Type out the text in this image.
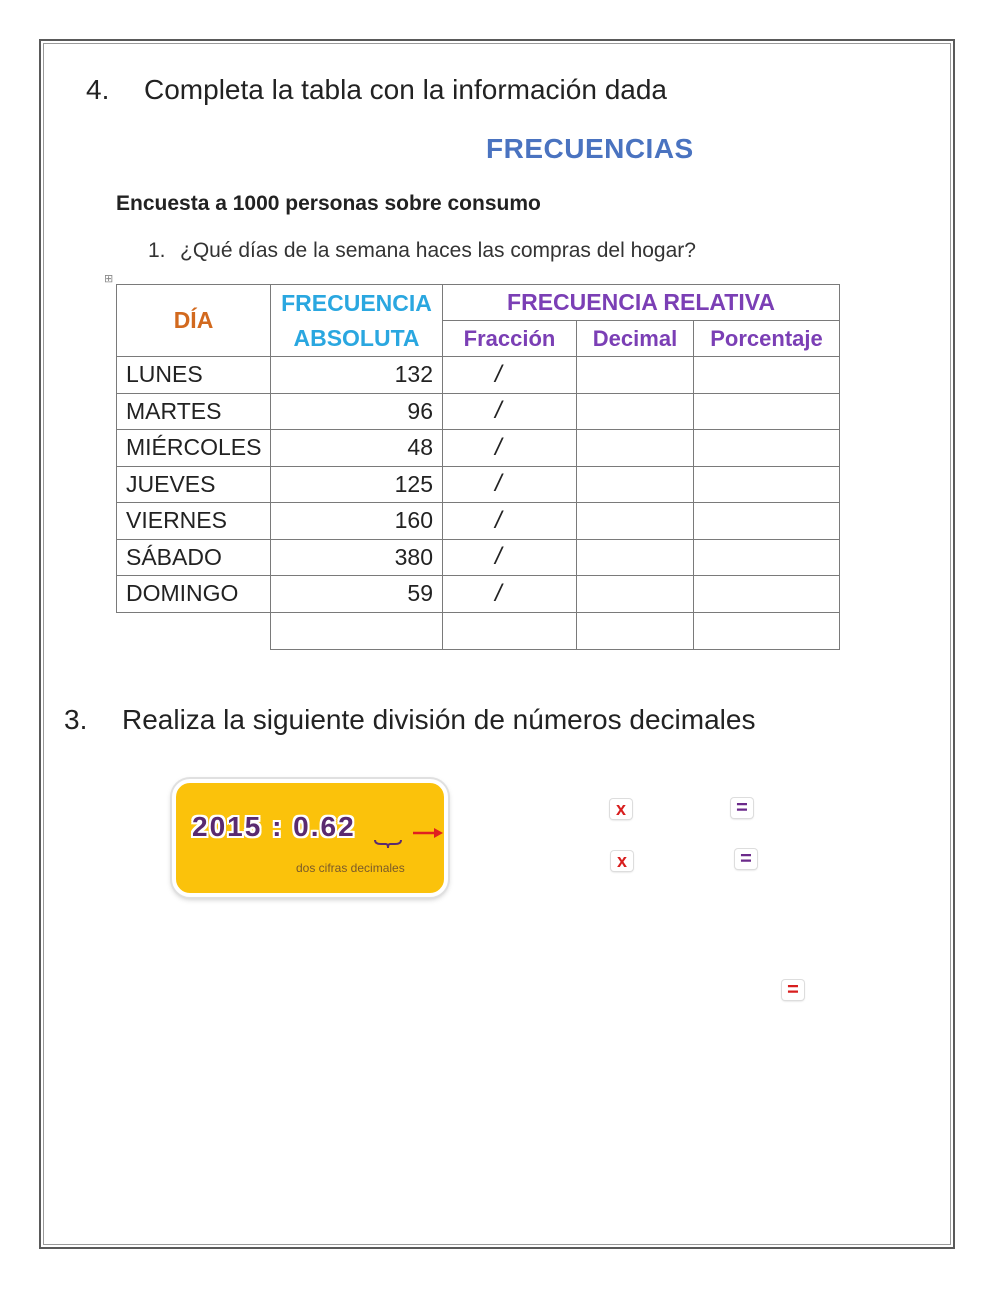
4. Completa la tabla con la información dada
FRECUENCIAS
Encuesta a 1000 personas sobre consumo
1. ¿Qué días de la semana haces las compras del hogar?
⊞
DÍA
FRECUENCIA
ABSOLUTA
FRECUENCIA RELATIVA
Fracción	Decimal	Porcentaje
LUNES	132	/
MARTES	96	/
MIÉRCOLES	48	/
JUEVES	125	/
VIERNES	160	/
SÁBADO	380	/
DOMINGO	59	/
3. Realiza la siguiente división de números decimales
2015 : 0.62
dos cifras decimales
x	=
x	=
=
